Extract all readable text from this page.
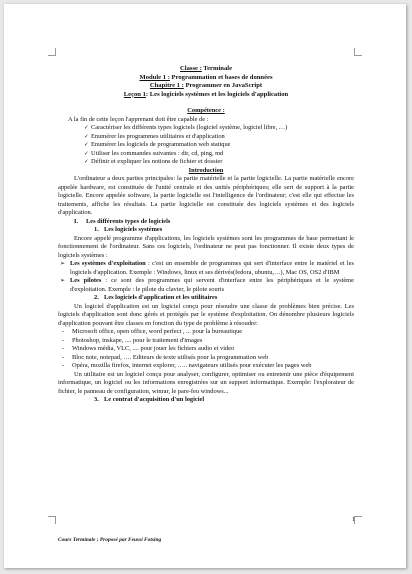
Classe : Terminale
Module 1 : Programmation et bases de données
Chapitre 1 : Programmer en JavaScript
Leçon 1: Les logiciels systèmes et les logiciels d'application
Compétence :
A la fin de cette leçon l'apprenant doit être capable de :
✓ Caractériser les différents types logiciels (logiciel système, logiciel libre, …)
✓ Enumérer les programmes utilitaires et d'application
✓ Enumérer les logiciels de programmation web statique
✓ Utiliser les commandes suivantes : dir, cd, ping, md
✓ Définir et expliquer les notions de fichier et dossier
Introduction

L'ordinateur a deux parties principales: la partie matérielle et la partie logicielle. La partie matérielle encore appelée hardware, est constituée de l'unité centrale et des unités périphériques; elle sert de support à la partie logicielle. Encore appelée software, la partie logicielle est l'intelligence de l'ordinateur; c'est elle qui effectue les traitements, affiche les résultats. La partie logicielle est constituée des logiciels systèmes et des logiciels d'application.

I. Les différents types de logiciels
1. Les logiciels systèmes

Encore appelé programme d'applications, les logiciels systèmes sont les programmes de base permettant le fonctionnement de l'ordinateur. Sans ces logiciels, l'ordinateur ne peut pas fonctionner. Il existe deux types de logiciels systèmes :

➢ Les systèmes d'exploitation : c'est un ensemble de programmes qui sert d'interface entre le matériel et les logiciels d'application. Exemple : Windows, linux et ses dérivés(fedora, ubuntu,…), Mac OS, OS2 d'IBM
➢ Les pilotes : ce sont des programmes qui servent d'interface entre les périphériques et le système d'exploitation. Exemple : le pilote du clavier, le pilote souris
2. Les logiciels d'application et les utilitaires

Un logiciel d'application est un logiciel conçu pour résoudre une classe de problèmes bien précise. Les logiciels d'application sont donc gérés et protégés par le système d'exploitation. On dénombre plusieurs logiciels d'application pouvant être classes en fonction du type de problème à résoudre:

- Microsoft office, open office, word perfect , ... pour la bureautique
- Photoshop, inskape, .... pour le traitement d'images
- Windows média, VLC, .... pour jouer les fichiers audio et video
- Bloc note, notepad, …. Editeurs de texte utilisés pour la programmation web
- Opéra, mozilla firefox, internet explorer, ….. navigateurs utilisés pour exécuter les pages web

Un utilitaire est un logiciel conçu pour analyser, configurer, optimiser ou entretenir une pièce d'équipement informatique, un logiciel ou les informations enregistrées sur un support informatique. Exemple: l'explorateur de fichier, le panneau de configuration, winrar, le pare-feu windows...

3. Le contrat d'acquisition d'un logiciel
1
Cours Terminale ; Proposé par Feussi Fotsing
